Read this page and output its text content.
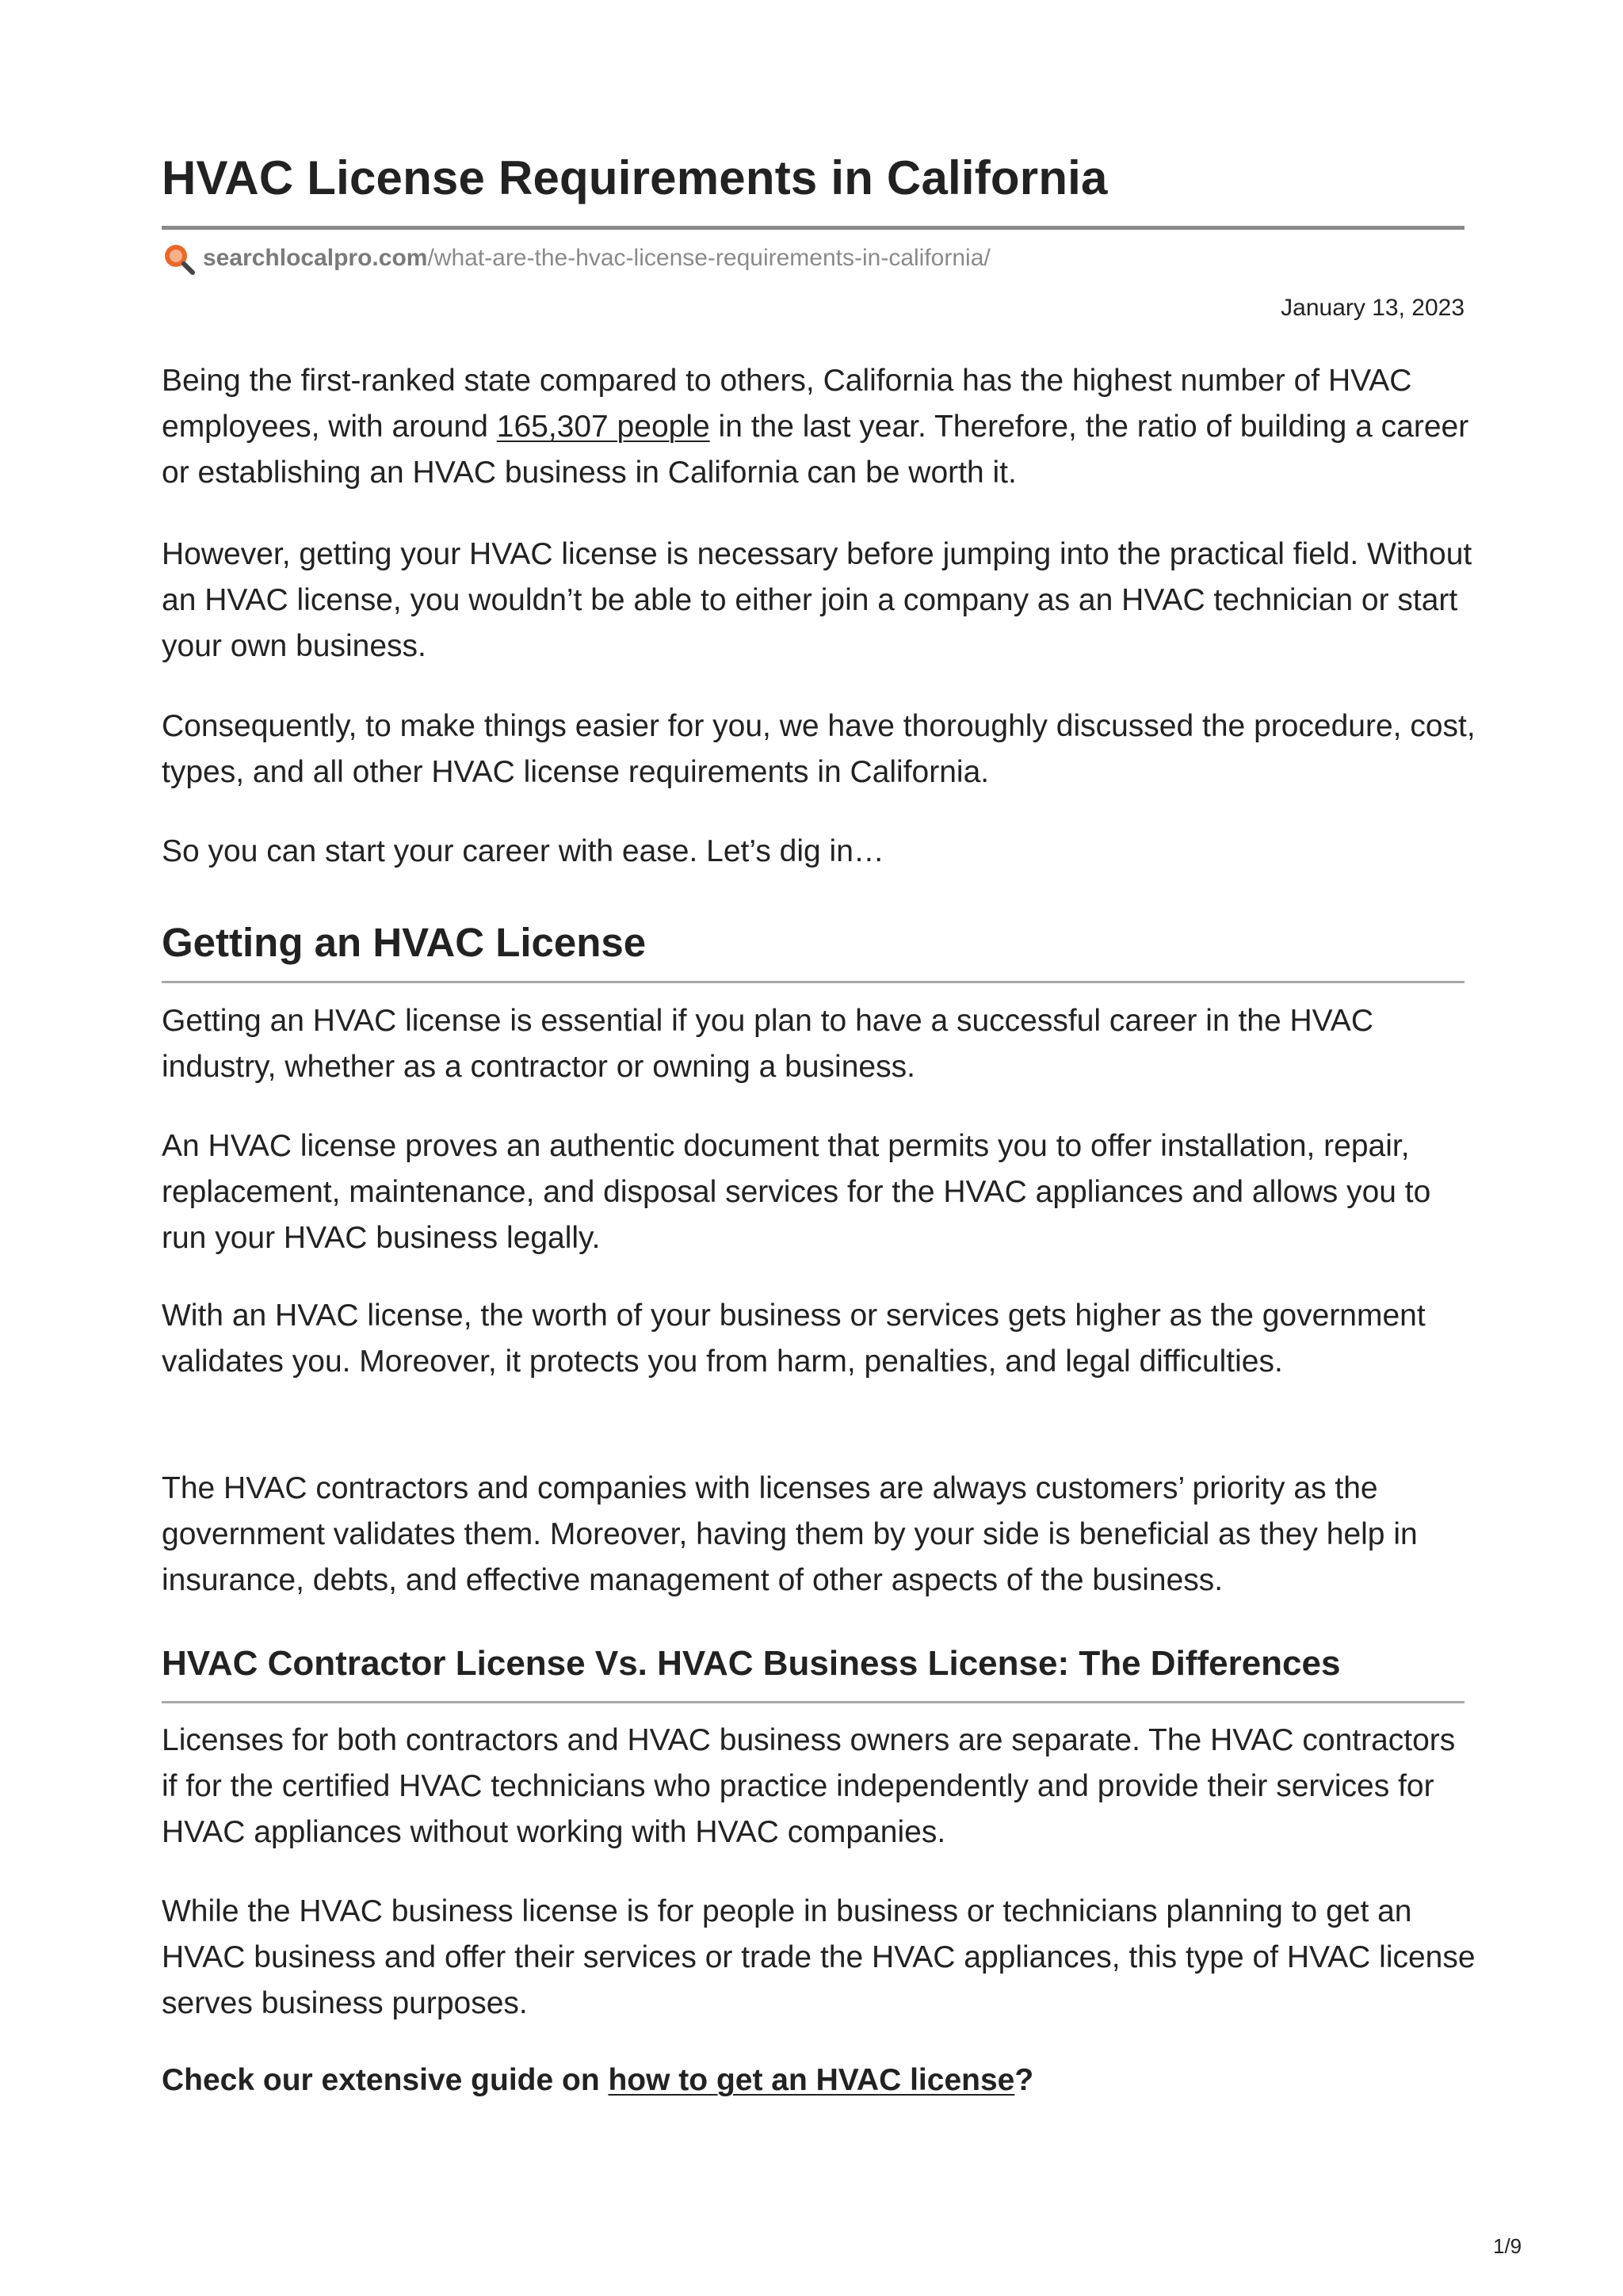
HVAC License Requirements in California
searchlocalpro.com/what-are-the-hvac-license-requirements-in-california/
January 13, 2023

Being the first-ranked state compared to others, California has the highest number of HVAC employees, with around 165,307 people in the last year. Therefore, the ratio of building a career or establishing an HVAC business in California can be worth it.

However, getting your HVAC license is necessary before jumping into the practical field. Without an HVAC license, you wouldn’t be able to either join a company as an HVAC technician or start your own business.

Consequently, to make things easier for you, we have thoroughly discussed the procedure, cost, types, and all other HVAC license requirements in California.

So you can start your career with ease. Let’s dig in…

Getting an HVAC License

Getting an HVAC license is essential if you plan to have a successful career in the HVAC industry, whether as a contractor or owning a business.

An HVAC license proves an authentic document that permits you to offer installation, repair, replacement, maintenance, and disposal services for the HVAC appliances and allows you to run your HVAC business legally.

With an HVAC license, the worth of your business or services gets higher as the government validates you. Moreover, it protects you from harm, penalties, and legal difficulties.

The HVAC contractors and companies with licenses are always customers’ priority as the government validates them. Moreover, having them by your side is beneficial as they help in insurance, debts, and effective management of other aspects of the business.

HVAC Contractor License Vs. HVAC Business License: The Differences

Licenses for both contractors and HVAC business owners are separate. The HVAC contractors if for the certified HVAC technicians who practice independently and provide their services for HVAC appliances without working with HVAC companies.

While the HVAC business license is for people in business or technicians planning to get an HVAC business and offer their services or trade the HVAC appliances, this type of HVAC license serves business purposes.

Check our extensive guide on how to get an HVAC license?

1/9
